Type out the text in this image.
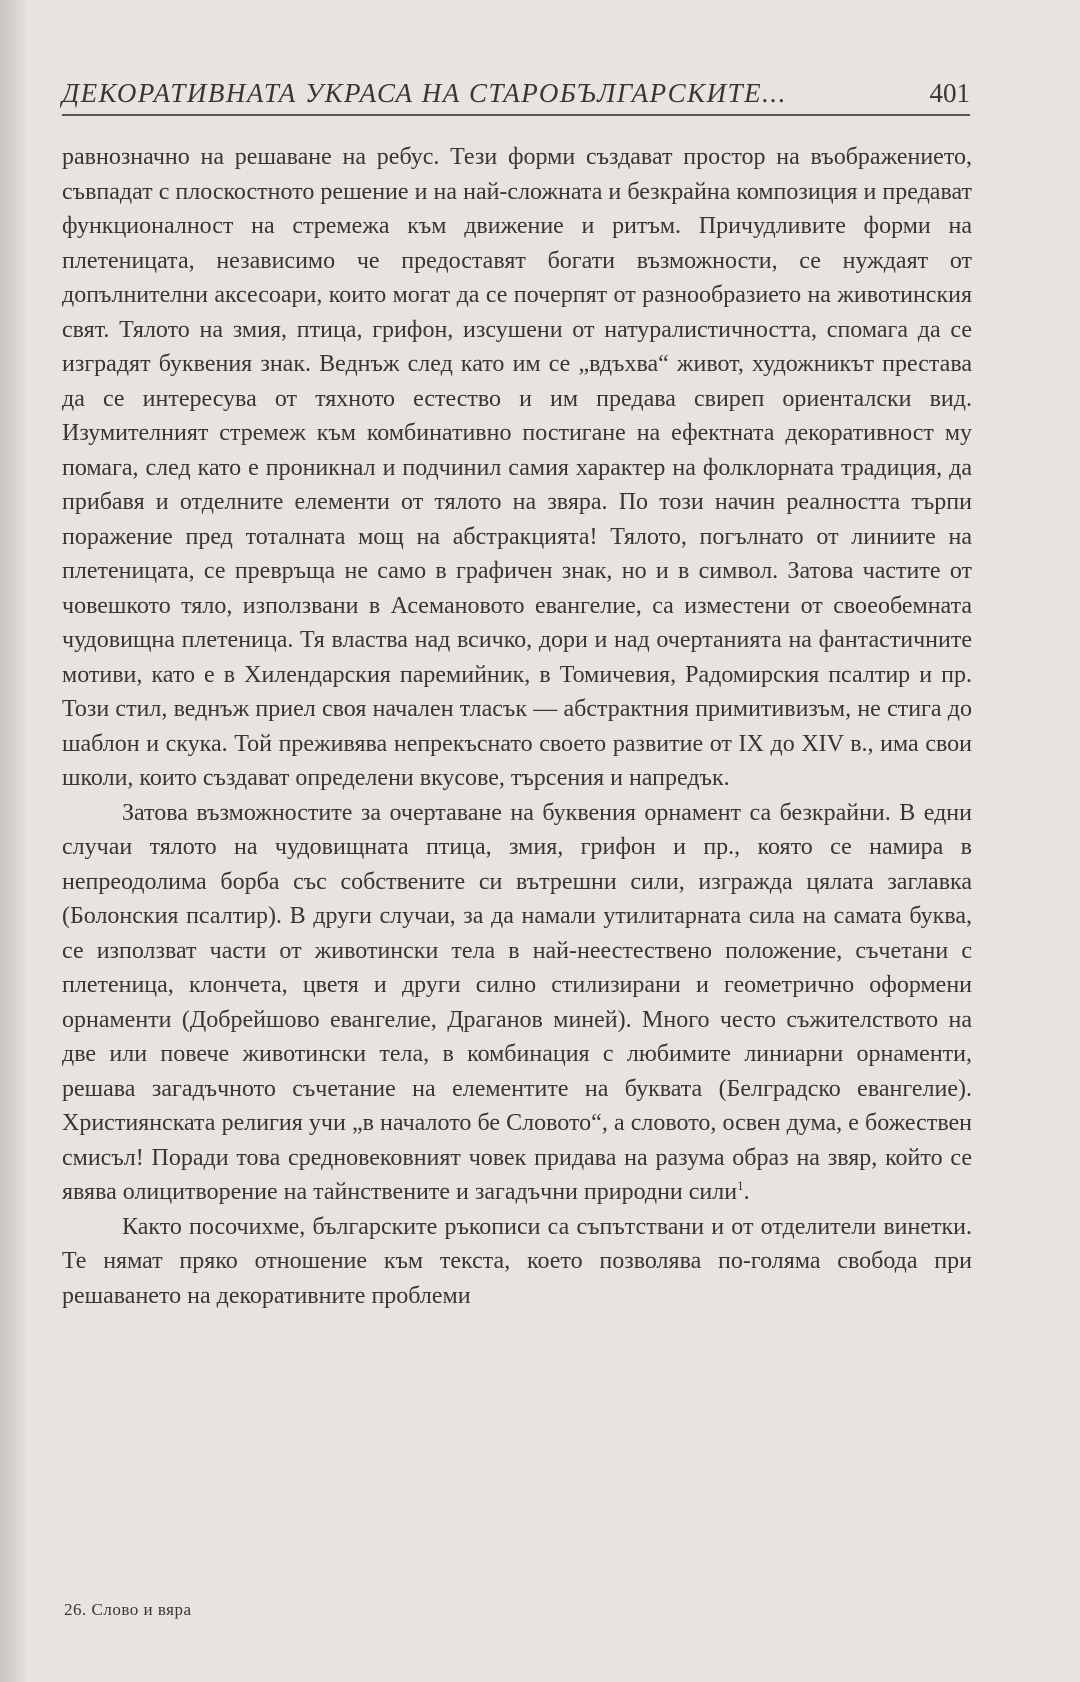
ДЕКОРАТИВНАТА УКРАСА НА СТАРОБЪЛГАРСКИТЕ...	401

равнозначно на решаване на ребус. Тези форми създават простор на въображението, съвпадат с плоскостното решение и на най-сложната и безкрайна композиция и предават функционалност на стремежа към движение и ритъм. Причудливите форми на плетеницата, независимо че предоставят богати възможности, се нуждаят от допълнителни аксесоари, които могат да се почерпят от разнообразието на животинския свят. Тялото на змия, птица, грифон, изсушени от натуралистичността, спомага да се изградят буквения знак. Веднъж след като им се „вдъхва“ живот, художникът престава да се интересува от тяхното естество и им предава свиреп ориенталски вид. Изумителният стремеж към комбинативно постигане на ефектната декоративност му помага, след като е проникнал и подчинил самия характер на фолклорната традиция, да прибавя и отделните елементи от тялото на звяра. По този начин реалността търпи поражение пред тоталната мощ на абстракцията! Тялото, погълнато от линиите на плетеницата, се превръща не само в графичен знак, но и в символ. Затова частите от човешкото тяло, използвани в Асемановото евангелие, са изместени от своеобемната чудовищна плетеница. Тя властва над всичко, дори и над очертанията на фантастичните мотиви, като е в Хилендарския паремийник, в Томичевия, Радомирския псалтир и пр. Този стил, веднъж приел своя начален тласък — абстрактния примитивизъм, не стига до шаблон и скука. Той преживява непрекъснато своето развитие от IX до XIV в., има свои школи, които създават определени вкусове, търсения и напредък.

Затова възможностите за очертаване на буквения орнамент са безкрайни. В едни случаи тялото на чудовищната птица, змия, грифон и пр., която се намира в непреодолима борба със собствените си вътрешни сили, изгражда цялата заглавка (Болонския псалтир). В други случаи, за да намали утилитарната сила на самата буква, се използват части от животински тела в най-неестествено положение, съчетани с плетеница, клончета, цветя и други силно стилизирани и геометрично оформени орнаменти (Добрейшово евангелие, Драганов миней). Много често съжителството на две или повече животински тела, в комбинация с любимите линиарни орнаменти, решава загадъчното съчетание на елементите на буквата (Белградско евангелие). Християнската религия учи „в началото бе Словото“, а словото, освен дума, е божествен смисъл! Поради това средновековният човек придава на разума образ на звяр, който се явява олицитворение на тайнствените и загадъчни природни сили$^1$.

Както посочихме, българските ръкописи са съпътствани и от отделители винетки. Те нямат пряко отношение към текста, което позволява по-голяма свобода при решаването на декоративните проблеми

26. Слово и вяра
